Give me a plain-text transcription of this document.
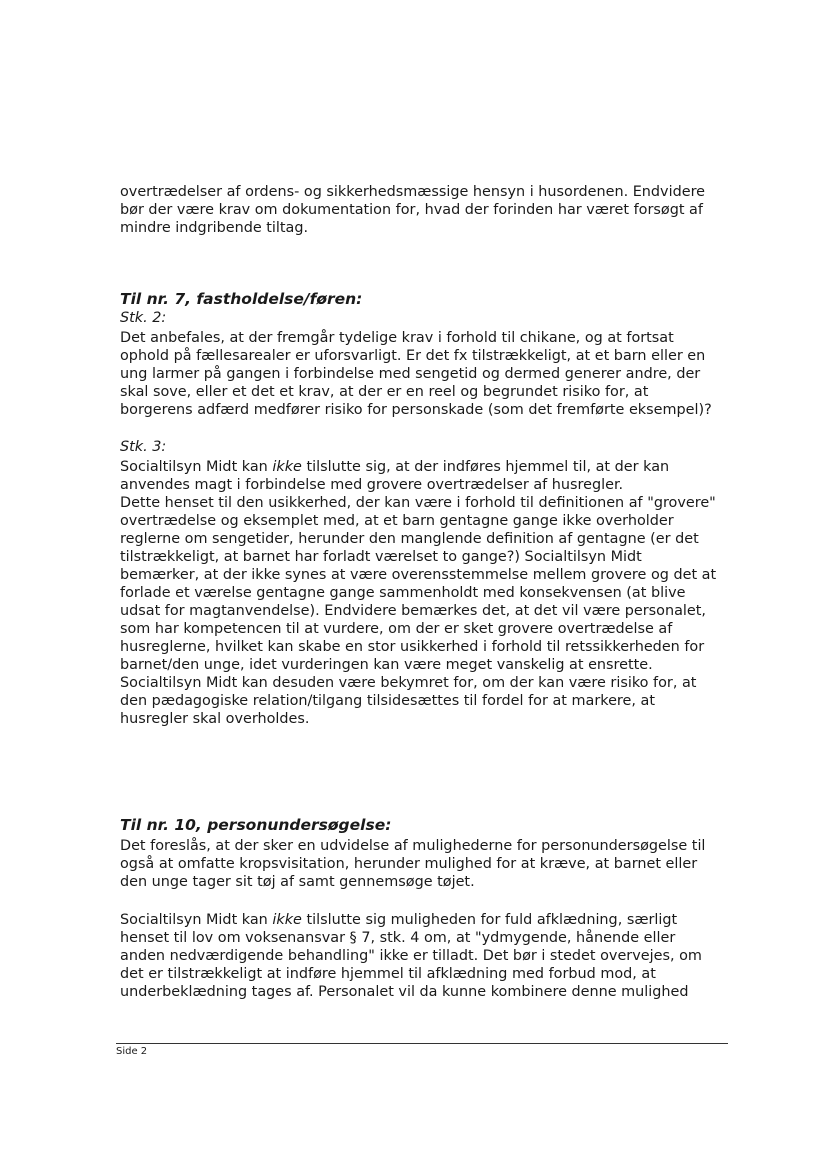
overtrædelser af ordens- og sikkerhedsmæssige hensyn i husordenen. Endvidere

bør der være krav om dokumentation for, hvad der forinden har været forsøgt af

mindre indgribende tiltag.

Til nr. 7, fastholdelse/føren:

Stk. 2:

Det anbefales, at der fremgår tydelige krav i forhold til chikane, og at fortsat

ophold på fællesarealer er uforsvarligt. Er det fx tilstrækkeligt, at et barn eller en

ung larmer på gangen i forbindelse med sengetid og dermed generer andre, der

skal sove, eller et det et krav, at der er en reel og begrundet risiko for, at

borgerens adfærd medfører risiko for personskade (som det fremførte eksempel)?

Stk. 3:

Socialtilsyn Midt kan ikke tilslutte sig, at der indføres hjemmel til, at der kan

anvendes magt i forbindelse med grovere overtrædelser af husregler.

Dette henset til den usikkerhed, der kan være i forhold til definitionen af "grovere"

overtrædelse og eksemplet med, at et barn gentagne gange ikke overholder

reglerne om sengetider, herunder den manglende definition af gentagne (er det

tilstrækkeligt, at barnet har forladt værelset to gange?) Socialtilsyn Midt

bemærker, at der ikke synes at være overensstemmelse mellem grovere og det at

forlade et værelse gentagne gange sammenholdt med konsekvensen (at blive

udsat for magtanvendelse). Endvidere bemærkes det, at det vil være personalet,

som har kompetencen til at vurdere, om der er sket grovere overtrædelse af

husreglerne, hvilket kan skabe en stor usikkerhed i forhold til retssikkerheden for

barnet/den unge, idet vurderingen kan være meget vanskelig at ensrette.

Socialtilsyn Midt kan desuden være bekymret for, om der kan være risiko for, at

den pædagogiske relation/tilgang tilsidesættes til fordel for at markere, at

husregler skal overholdes.

Til nr. 10, personundersøgelse:

Det foreslås, at der sker en udvidelse af mulighederne for personundersøgelse til

også at omfatte kropsvisitation, herunder mulighed for at kræve, at barnet eller

den unge tager sit tøj af samt gennemsøge tøjet.

Socialtilsyn Midt kan ikke tilslutte sig muligheden for fuld afklædning, særligt

henset til lov om voksenansvar § 7, stk. 4 om, at "ydmygende, hånende eller

anden nedværdigende behandling" ikke er tilladt. Det bør i stedet overvejes, om

det er tilstrækkeligt at indføre hjemmel til afklædning med forbud mod, at

underbeklædning tages af. Personalet vil da kunne kombinere denne mulighed

Side 2
